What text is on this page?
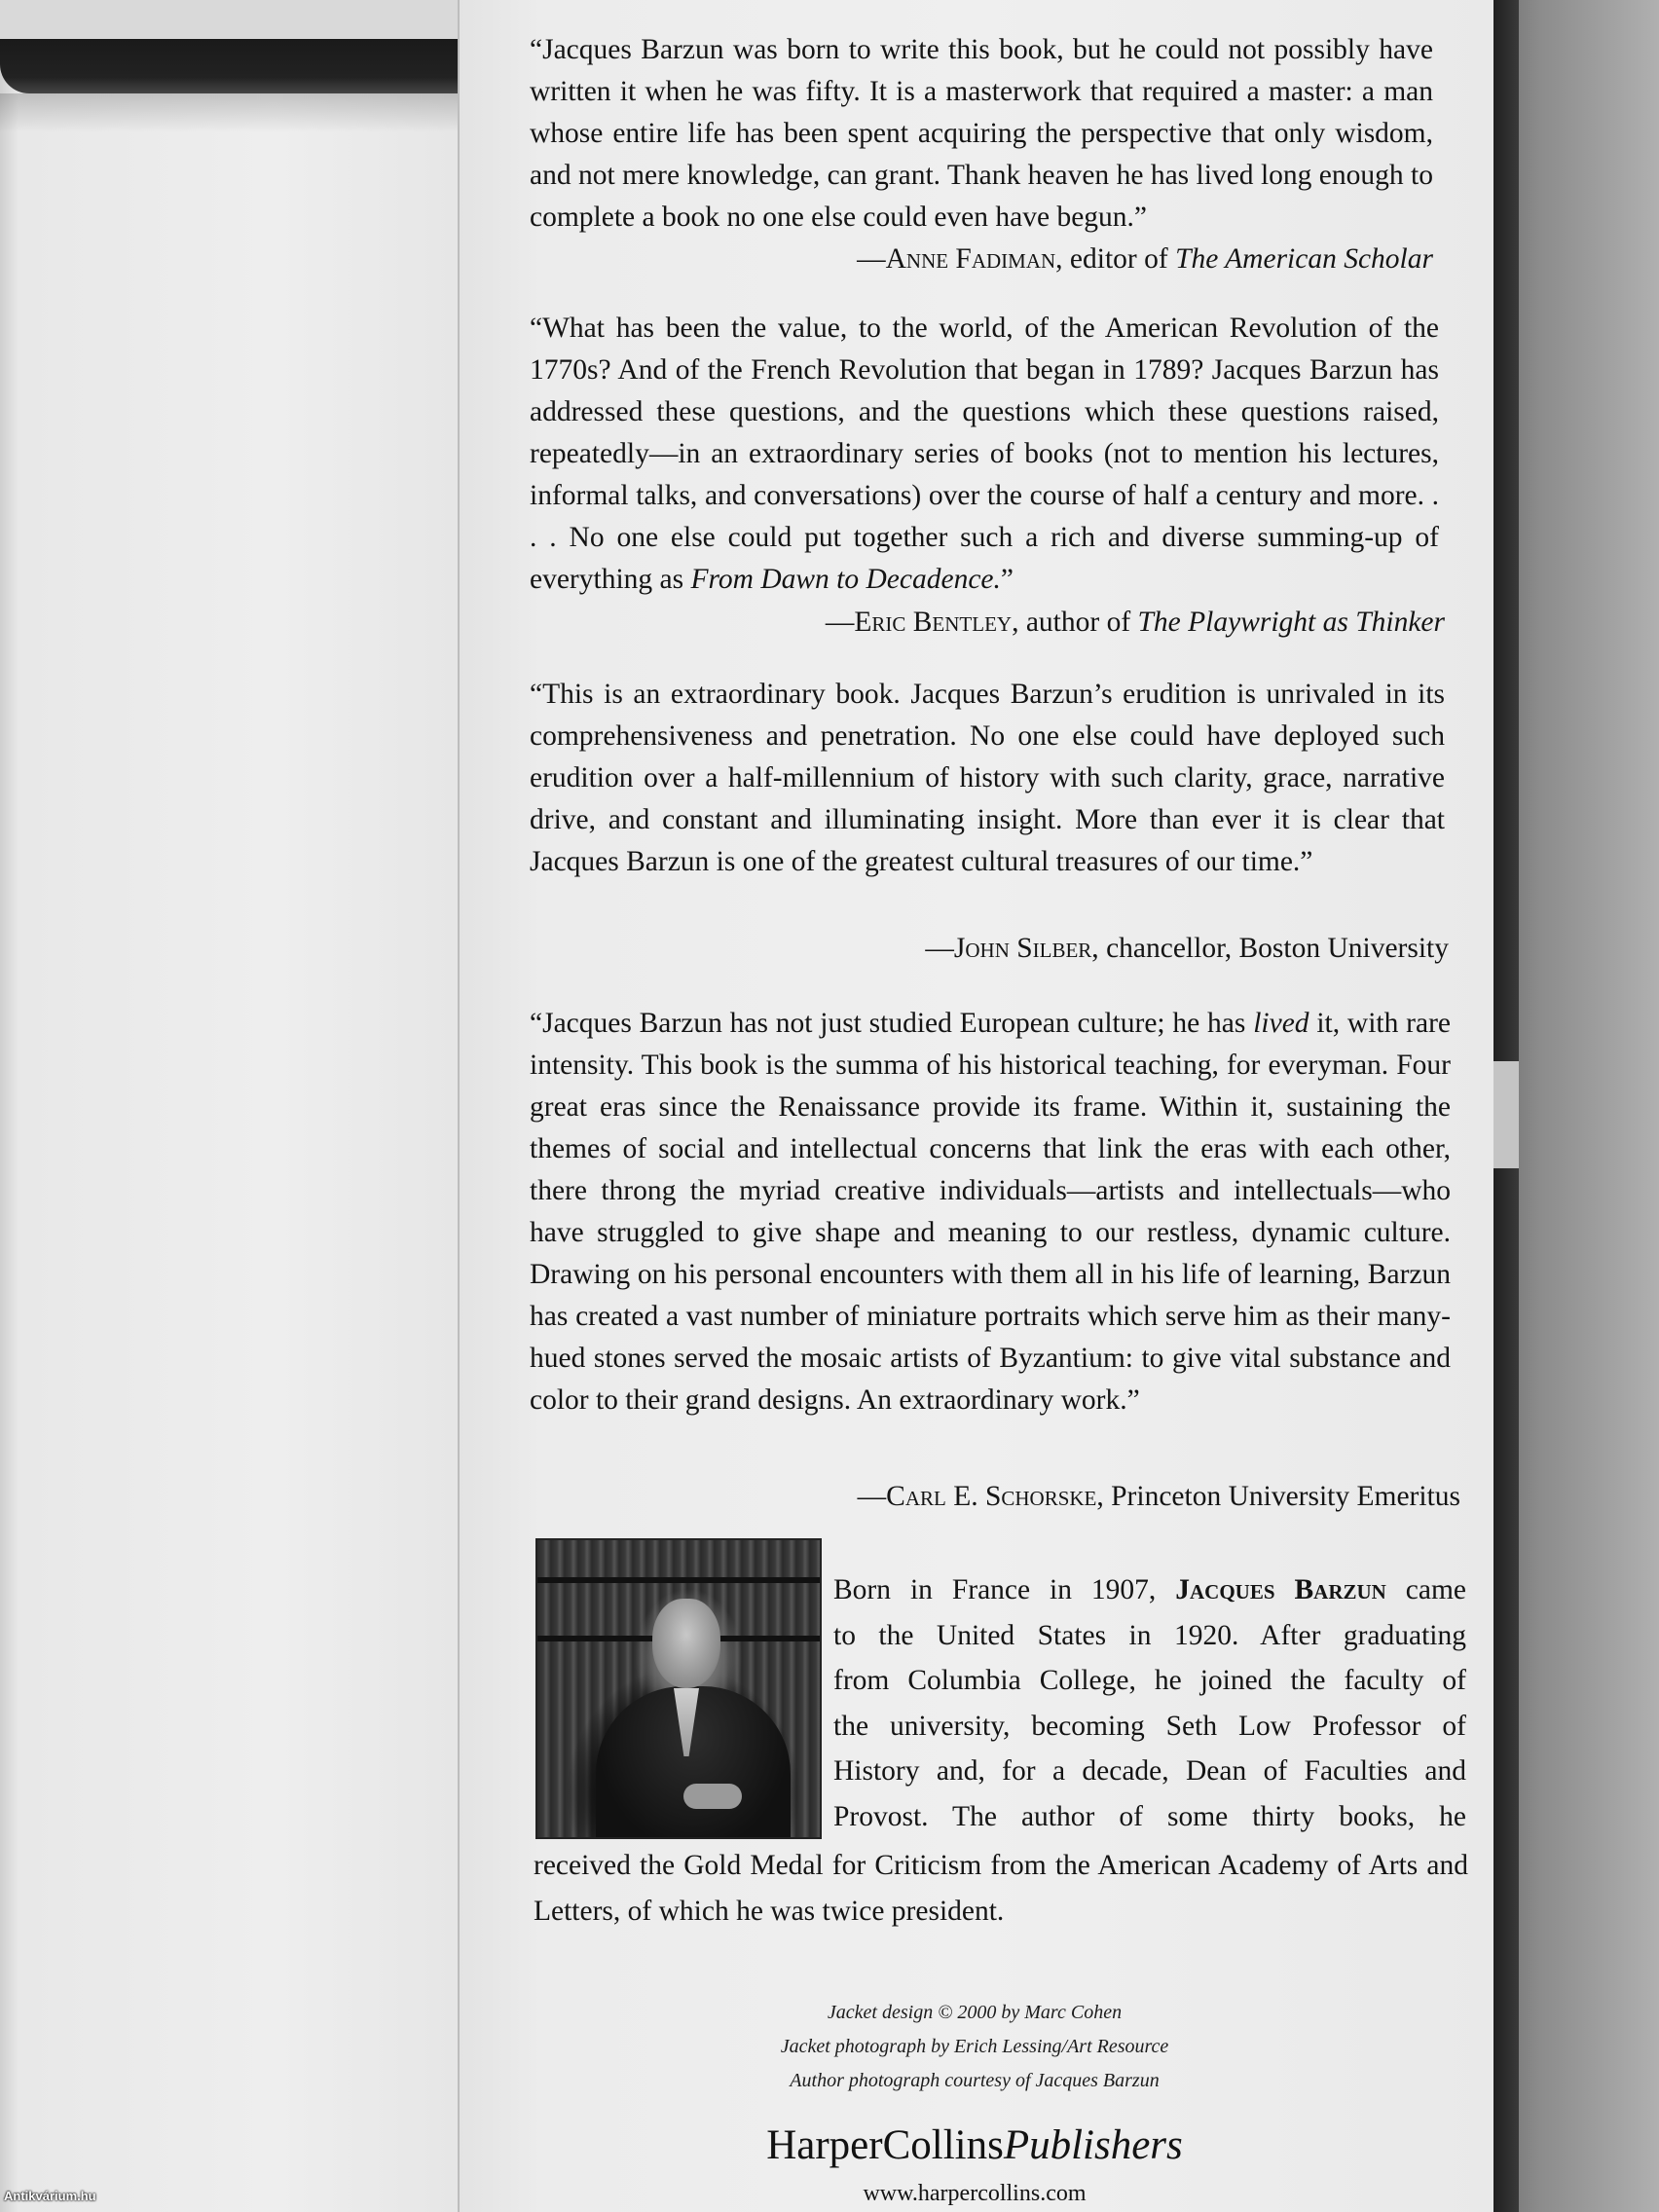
“Jacques Barzun was born to write this book, but he could not possibly have written it when he was fifty. It is a masterwork that required a master: a man whose entire life has been spent acquiring the perspective that only wisdom, and not mere knowledge, can grant. Thank heaven he has lived long enough to complete a book no one else could even have begun.”
—Anne Fadiman, editor of The American Scholar
“What has been the value, to the world, of the American Revolution of the 1770s? And of the French Revolution that began in 1789? Jacques Barzun has addressed these questions, and the questions which these questions raised, repeatedly—in an extraordinary series of books (not to mention his lectures, informal talks, and conversations) over the course of half a century and more. . . . No one else could put together such a rich and diverse summing-up of everything as From Dawn to Decadence.”
—Eric Bentley, author of The Playwright as Thinker
“This is an extraordinary book. Jacques Barzun’s erudition is unrivaled in its comprehensiveness and penetration. No one else could have deployed such erudition over a half-millennium of history with such clarity, grace, narrative drive, and constant and illuminating insight. More than ever it is clear that Jacques Barzun is one of the greatest cultural treasures of our time.”
—John Silber, chancellor, Boston University
“Jacques Barzun has not just studied European culture; he has lived it, with rare intensity. This book is the summa of his historical teaching, for everyman. Four great eras since the Renaissance provide its frame. Within it, sustaining the themes of social and intellectual concerns that link the eras with each other, there throng the myriad creative individuals—artists and intellectuals—who have struggled to give shape and meaning to our restless, dynamic culture. Drawing on his personal encounters with them all in his life of learning, Barzun has created a vast number of miniature portraits which serve him as their many-hued stones served the mosaic artists of Byzantium: to give vital substance and color to their grand designs. An extraordinary work.”
—Carl E. Schorske, Princeton University Emeritus
Born in France in 1907, Jacques Barzun came
to the United States in 1920. After graduating
from Columbia College, he joined the faculty of
the university, becoming Seth Low Professor of
History and, for a decade, Dean of Faculties and
Provost. The author of some thirty books, he
received the Gold Medal for Criticism from the American Academy of Arts and Letters, of which he was twice president.
Jacket design © 2000 by Marc Cohen
Jacket photograph by Erich Lessing/Art Resource
Author photograph courtesy of Jacques Barzun
HarperCollinsPublishers
www.harpercollins.com
Antikvárium.hu
